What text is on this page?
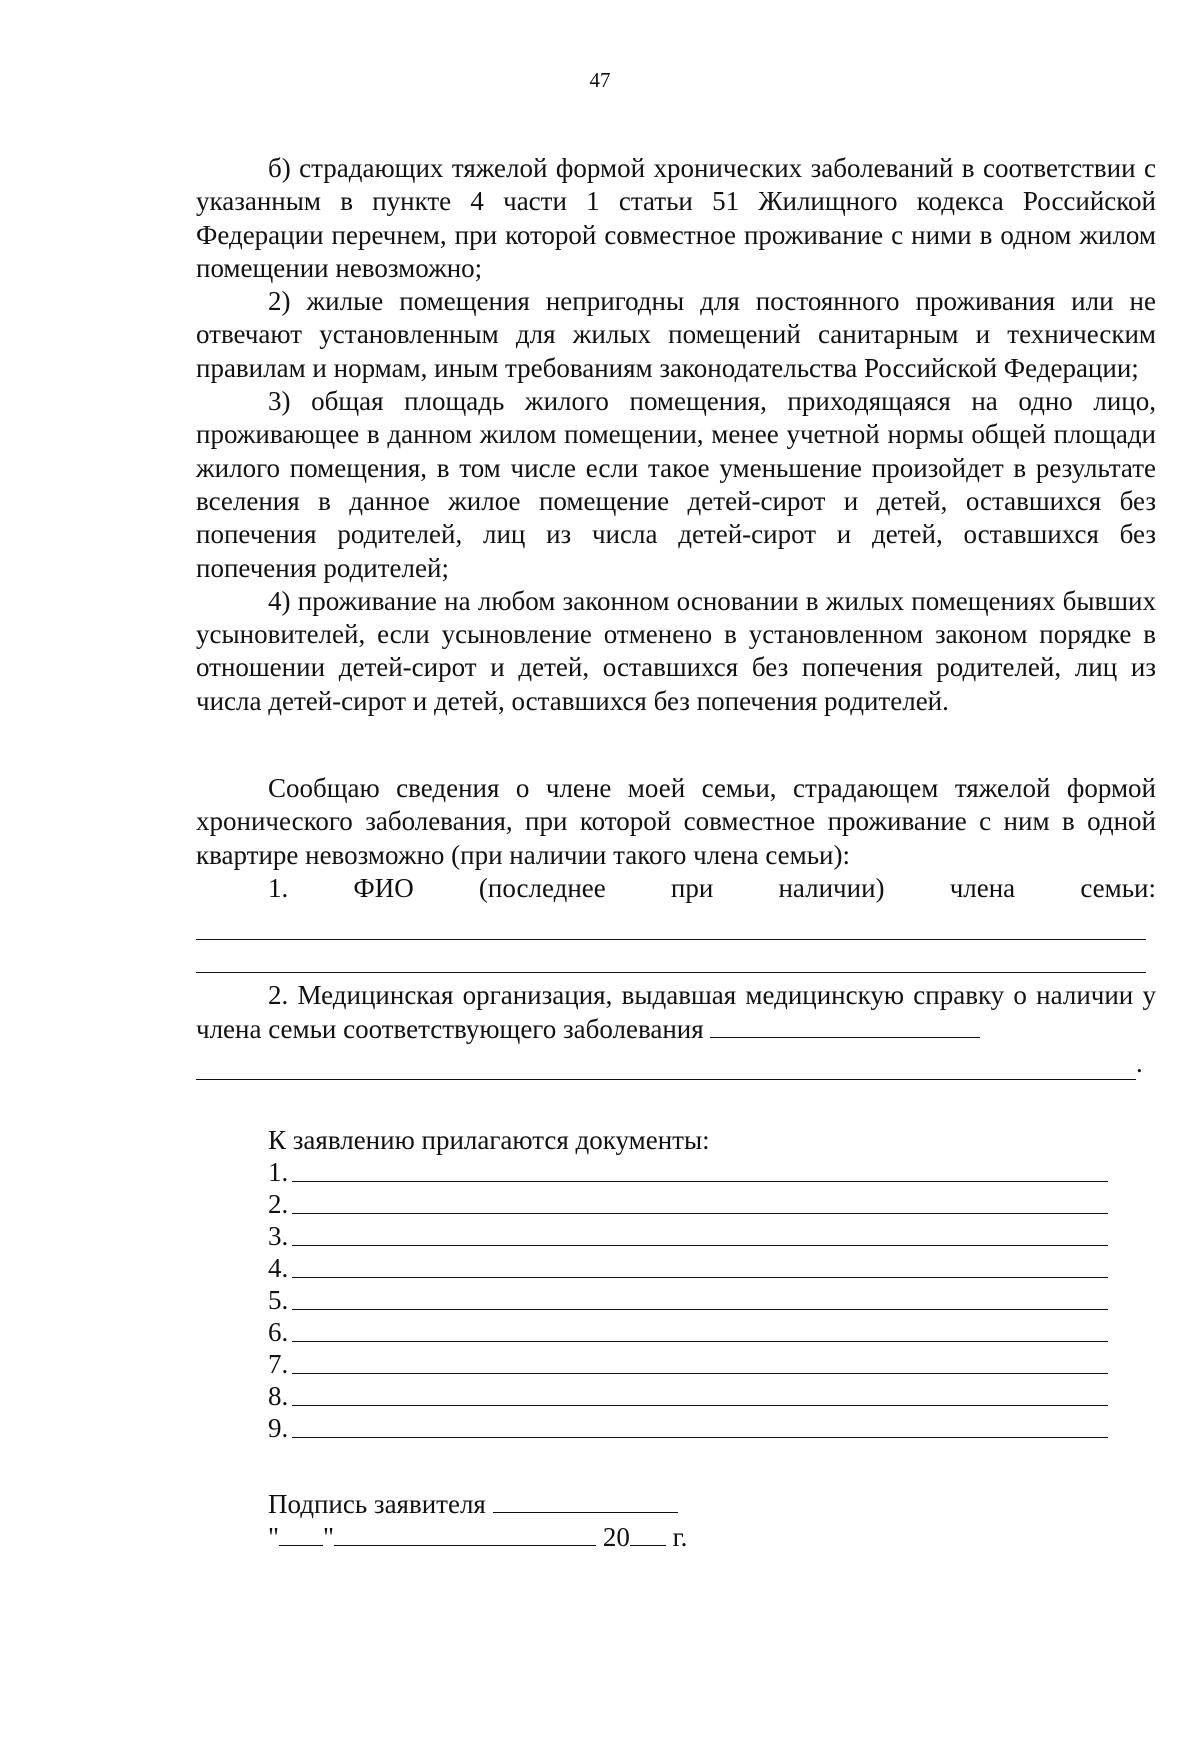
47

б) страдающих тяжелой формой хронических заболеваний в соответствии с указанным в пункте 4 части 1 статьи 51 Жилищного кодекса Российской Федерации перечнем, при которой совместное проживание с ними в одном жилом помещении невозможно;

2) жилые помещения непригодны для постоянного проживания или не отвечают установленным для жилых помещений санитарным и техническим правилам и нормам, иным требованиям законодательства Российской Федерации;

3) общая площадь жилого помещения, приходящаяся на одно лицо, проживающее в данном жилом помещении, менее учетной нормы общей площади жилого помещения, в том числе если такое уменьшение произойдет в результате вселения в данное жилое помещение детей-сирот и детей, оставшихся без попечения родителей, лиц из числа детей-сирот и детей, оставшихся без попечения родителей;

4) проживание на любом законном основании в жилых помещениях бывших усыновителей, если усыновление отменено в установленном законом порядке в отношении детей-сирот и детей, оставшихся без попечения родителей, лиц из числа детей-сирот и детей, оставшихся без попечения родителей.

Сообщаю сведения о члене моей семьи, страдающем тяжелой формой хронического заболевания, при которой совместное проживание с ним в одной квартире невозможно (при наличии такого члена семьи):

1. ФИО (последнее при наличии) члена семьи:

2. Медицинская организация, выдавшая медицинскую справку о наличии у члена семьи соответствующего заболевания

.
К заявлению прилагаются документы:
1.
2.
3.
4.
5.
6.
7.
8.
9.
Подпись заявителя
" "	20 г.
